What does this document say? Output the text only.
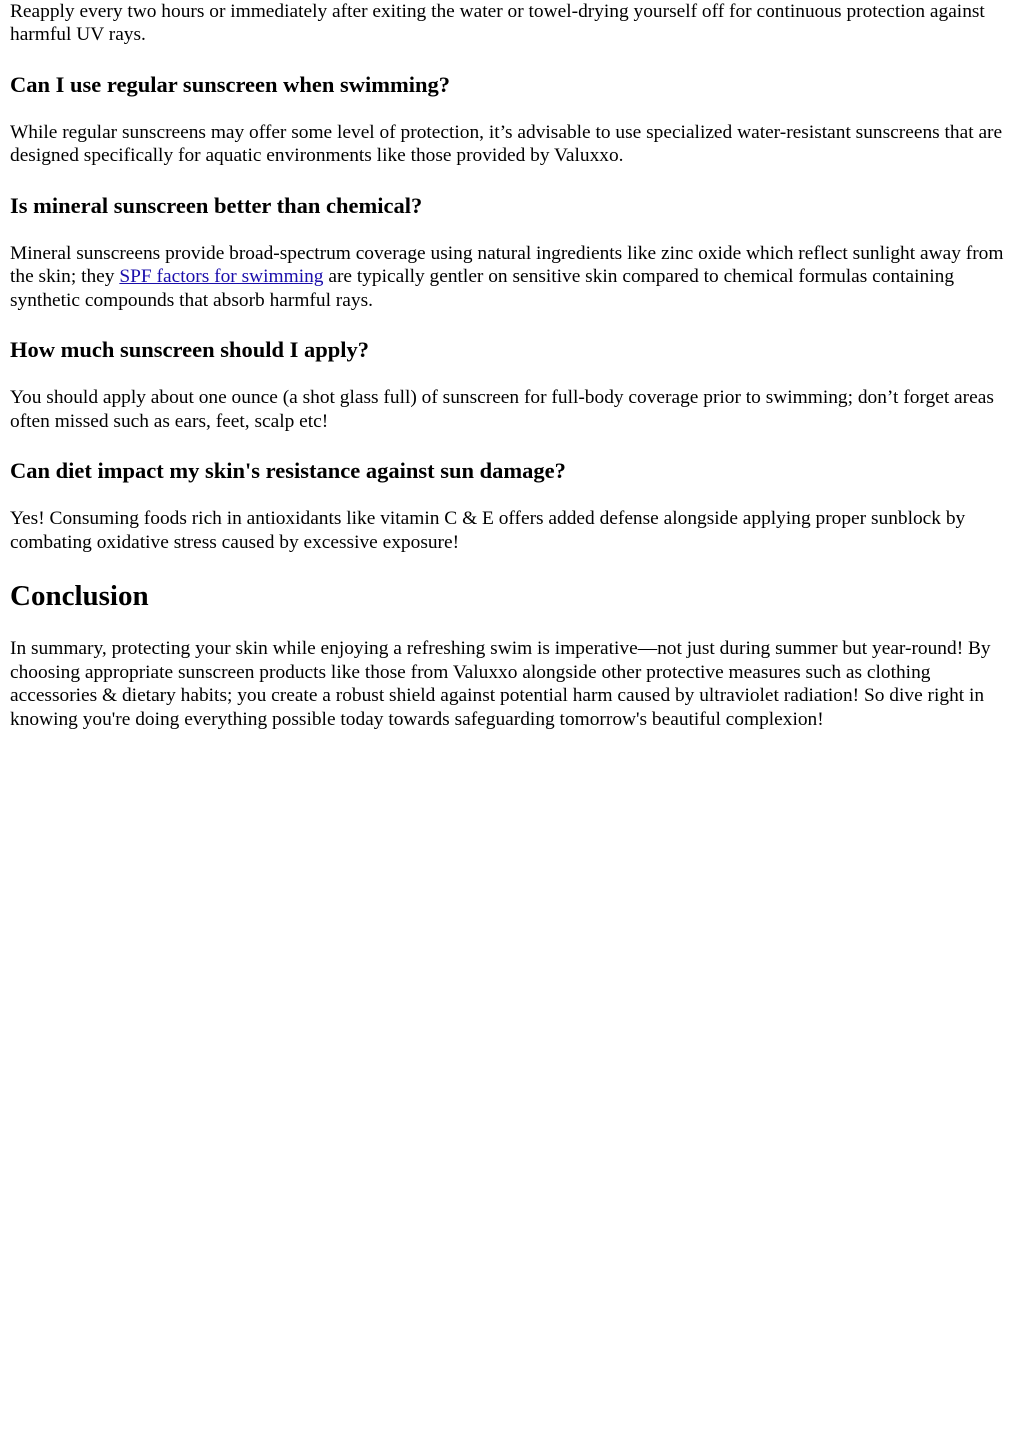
Reapply every two hours or immediately after exiting the water or towel-drying yourself off for continuous protection against harmful UV rays.

Can I use regular sunscreen when swimming?

While regular sunscreens may offer some level of protection, it’s advisable to use specialized water-resistant sunscreens that are designed specifically for aquatic environments like those provided by Valuxxo.

Is mineral sunscreen better than chemical?

Mineral sunscreens provide broad-spectrum coverage using natural ingredients like zinc oxide which reflect sunlight away from the skin; they SPF factors for swimming are typically gentler on sensitive skin compared to chemical formulas containing synthetic compounds that absorb harmful rays.

How much sunscreen should I apply?

You should apply about one ounce (a shot glass full) of sunscreen for full-body coverage prior to swimming; don’t forget areas often missed such as ears, feet, scalp etc!

Can diet impact my skin's resistance against sun damage?

Yes! Consuming foods rich in antioxidants like vitamin C & E offers added defense alongside applying proper sunblock by combating oxidative stress caused by excessive exposure!

Conclusion

In summary, protecting your skin while enjoying a refreshing swim is imperative—not just during summer but year-round! By choosing appropriate sunscreen products like those from Valuxxo alongside other protective measures such as clothing accessories & dietary habits; you create a robust shield against potential harm caused by ultraviolet radiation! So dive right in knowing you're doing everything possible today towards safeguarding tomorrow's beautiful complexion!
